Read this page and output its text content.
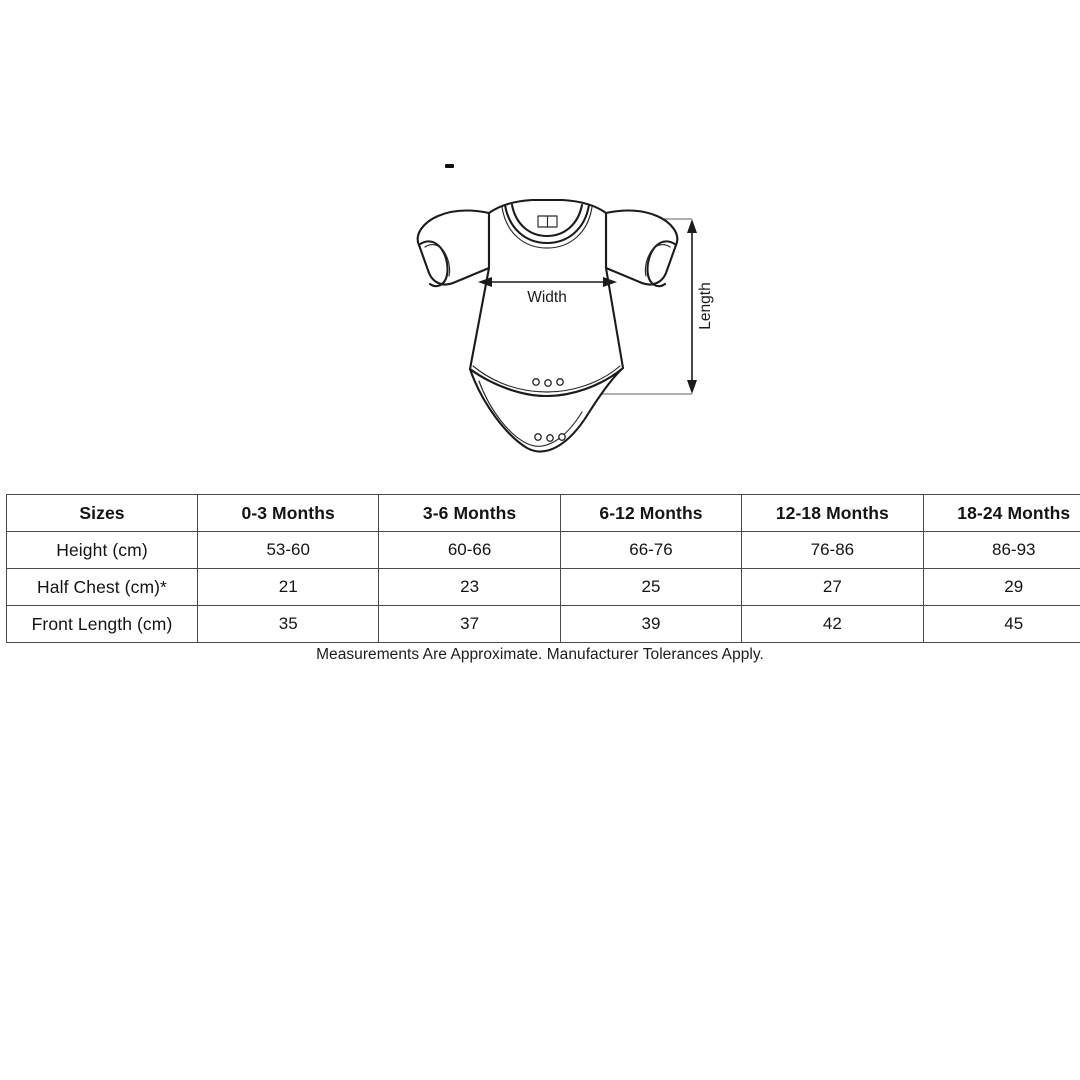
Width	Length
Sizes	0-3 Months	3-6 Months	6-12 Months	12-18 Months	18-24 Months
Height (cm)	53-60	60-66	66-76	76-86	86-93
Half Chest (cm)*	21	23	25	27	29
Front Length (cm)	35	37	39	42	45
Measurements Are Approximate. Manufacturer Tolerances Apply.
